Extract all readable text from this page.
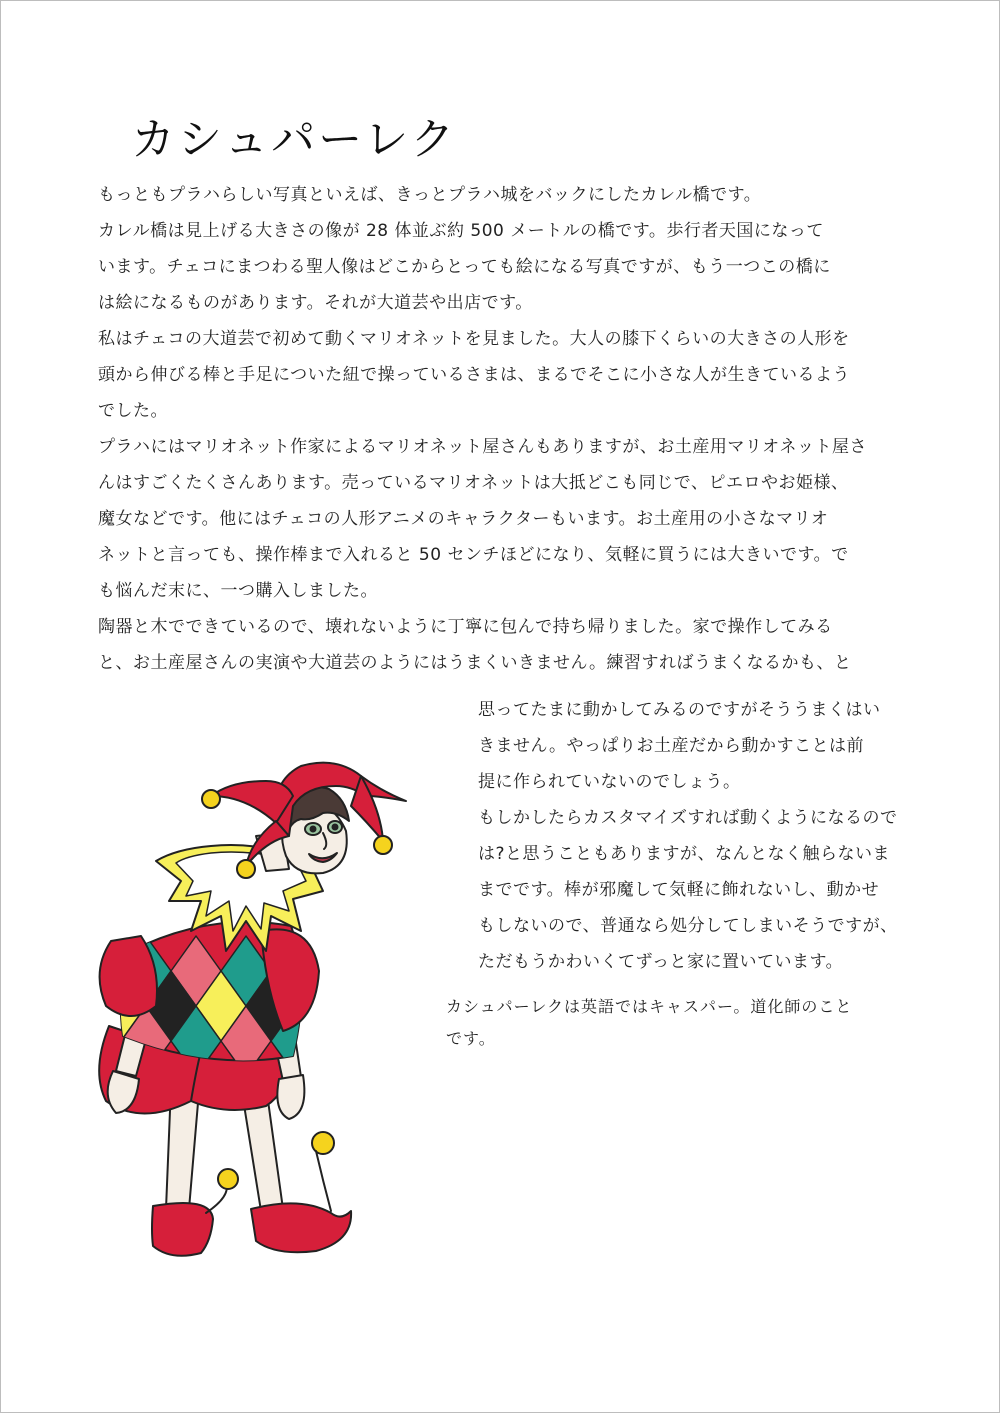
カシュパーレク
もっともプラハらしい写真といえば、きっとプラハ城をバックにしたカレル橋です。
カレル橋は見上げる大きさの像が 28 体並ぶ約 500 メートルの橋です。歩行者天国になって
います。チェコにまつわる聖人像はどこからとっても絵になる写真ですが、もう一つこの橋に
は絵になるものがあります。それが大道芸や出店です。
私はチェコの大道芸で初めて動くマリオネットを見ました。大人の膝下くらいの大きさの人形を
頭から伸びる棒と手足についた紐で操っているさまは、まるでそこに小さな人が生きているよう
でした。
プラハにはマリオネット作家によるマリオネット屋さんもありますが、お土産用マリオネット屋さ
んはすごくたくさんあります。売っているマリオネットは大抵どこも同じで、ピエロやお姫様、
魔女などです。他にはチェコの人形アニメのキャラクターもいます。お土産用の小さなマリオ
ネットと言っても、操作棒まで入れると 50 センチほどになり、気軽に買うには大きいです。で
も悩んだ末に、一つ購入しました。
陶器と木でできているので、壊れないように丁寧に包んで持ち帰りました。家で操作してみる
と、お土産屋さんの実演や大道芸のようにはうまくいきません。練習すればうまくなるかも、と
思ってたまに動かしてみるのですがそううまくはい
きません。やっぱりお土産だから動かすことは前
提に作られていないのでしょう。
もしかしたらカスタマイズすれば動くようになるので
は?と思うこともありますが、なんとなく触らないま
までです。棒が邪魔して気軽に飾れないし、動かせ
もしないので、普通なら処分してしまいそうですが、
ただもうかわいくてずっと家に置いています。
カシュパーレクは英語ではキャスパー。道化師のこと
です。
